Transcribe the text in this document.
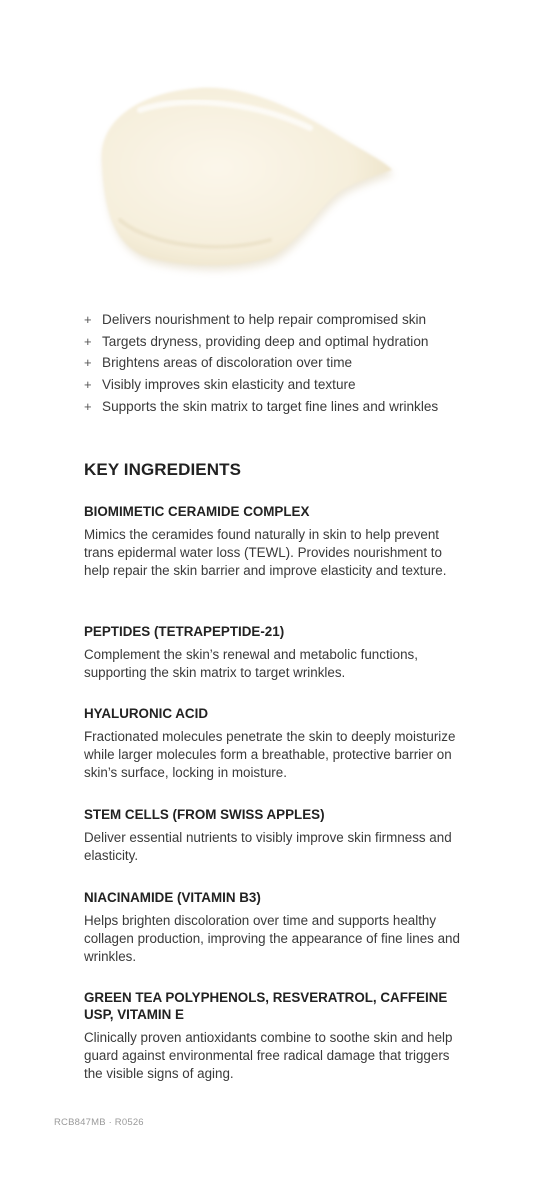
+ Delivers nourishment to help repair compromised skin
+ Targets dryness, providing deep and optimal hydration
+ Brightens areas of discoloration over time
+ Visibly improves skin elasticity and texture
+ Supports the skin matrix to target fine lines and wrinkles
KEY INGREDIENTS
BIOMIMETIC CERAMIDE COMPLEX

Mimics the ceramides found naturally in skin to help prevent trans epidermal water loss (TEWL). Provides nourishment to help repair the skin barrier and improve elasticity and texture.

PEPTIDES (TETRAPEPTIDE-21)

Complement the skin’s renewal and metabolic functions, supporting the skin matrix to target wrinkles.

HYALURONIC ACID

Fractionated molecules penetrate the skin to deeply moisturize while larger molecules form a breathable, protective barrier on skin’s surface, locking in moisture.

STEM CELLS (FROM SWISS APPLES)

Deliver essential nutrients to visibly improve skin firmness and elasticity.

NIACINAMIDE (VITAMIN B3)

Helps brighten discoloration over time and supports healthy collagen production, improving the appearance of fine lines and wrinkles.

GREEN TEA POLYPHENOLS, RESVERATROL, CAFFEINE USP, VITAMIN E

Clinically proven antioxidants combine to soothe skin and help guard against environmental free radical damage that triggers the visible signs of aging.

RCB847MB · R0526
